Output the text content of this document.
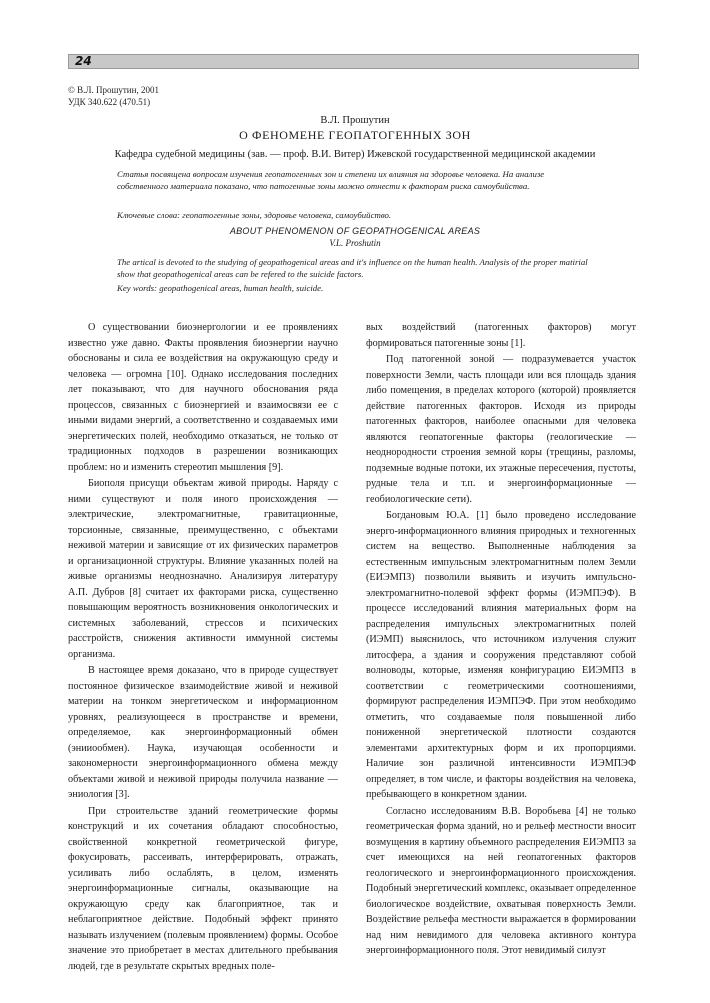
24
© В.Л. Прошутин, 2001
УДК 340.622 (470.51)
В.Л. Прошутин
О ФЕНОМЕНЕ ГЕОПАТОГЕННЫХ ЗОН
Кафедра судебной медицины (зав. — проф. В.И. Витер) Ижевской государственной медицинской академии
Статья посвящена вопросам изучения геопатогенных зон и степени их влияния на здоровье человека. На анализе собственного материала показано, что патогенные зоны можно отнести к факторам риска самоубийства.
Ключевые слова: геопатогенные зоны, здоровье человека, самоубийство.
ABOUT PHENOMENON OF GEOPATHOGENICAL AREAS
V.L. Proshutin
The artical is devoted to the studying of geopathogenical areas and it's influence on the human health. Analysis of the proper matirial show that geopathogenical areas can be refered to the suicide factors.
Key words: geopathogenical areas, human health, suicide.

О существовании биоэнергологии и ее проявлениях известно уже давно. Факты проявления биоэнергии научно обоснованы и сила ее воздействия на окружающую среду и человека — огромна [10]. Однако исследования последних лет показывают, что для научного обоснования ряда процессов, связанных с биоэнергией и взаимосвязи ее с иными видами энергий, а соответственно и создаваемых ими энергетических полей, необходимо отказаться, не только от традиционных подходов в разрешении возникающих проблем: но и изменить стереотип мышления [9].

Биополя присущи объектам живой природы. Наряду с ними существуют и поля иного происхождения — электрические, электромагнитные, гравитационные, торсионные, связанные, преимущественно, с объектами неживой материи и зависящие от их физических параметров и организационной структуры. Влияние указанных полей на живые организмы неоднозначно. Анализируя литературу А.П. Дубров [8] считает их факторами риска, существенно повышающим вероятность возникновения онкологических и системных заболеваний, стрессов и психических расстройств, снижения активности иммунной системы организма.

В настоящее время доказано, что в природе существует постоянное физическое взаимодействие живой и неживой материи на тонком энергетическом и информационном уровнях, реализующееся в пространстве и времени, определяемое, как энергоинформационный обмен (энииообмен). Наука, изучающая особенности и закономерности энергоинформационного обмена между объектами живой и неживой природы получила название — эниология [3].

При строительстве зданий геометрические формы конструкций и их сочетания обладают способностью, свойственной конкретной геометрической фигуре, фокусировать, рассеивать, интерферировать, отражать, усиливать либо ослаблять, в целом, изменять энергоинформационные сигналы, оказывающие на окружающую среду как благоприятное, так и неблагоприятное действие. Подобный эффект принято называть излучением (полевым проявлением) формы. Особое значение это приобретает в местах длительного пребывания людей, где в результате скрытых вредных поле-

вых воздействий (патогенных факторов) могут формироваться патогенные зоны [1].

Под патогенной зоной — подразумевается участок поверхности Земли, часть площади или вся площадь здания либо помещения, в пределах которого (которой) проявляется действие патогенных факторов. Исходя из природы патогенных факторов, наиболее опасными для человека являются геопатогенные факторы (геологические — неоднородности строения земной коры (трещины, разломы, подземные водные потоки, их этажные пересечения, пустоты, рудные тела и т.п. и энергоинформационные — геобиологические сети).

Богдановым Ю.А. [1] было проведено исследование энерго-информационного влияния природных и техногенных систем на вещество. Выполненные наблюдения за естественным импульсным электромагнитным полем Земли (ЕИЭМПЗ) позволили выявить и изучить импульсно-электромагнитно-полевой эффект формы (ИЭМПЭФ). В процессе исследований влияния материальных форм на распределения импульсных электромагнитных полей (ИЭМП) выяснилось, что источником излучения служит литосфера, а здания и сооружения представляют собой волноводы, которые, изменяя конфигурацию ЕИЭМПЗ в соответствии с геометрическими соотношениями, формируют распределения ИЭМПЭФ. При этом необходимо отметить, что создаваемые поля повышенной либо пониженной энергетической плотности создаются элементами архитектурных форм и их пропорциями. Наличие зон различной интенсивности ИЭМПЭФ определяет, в том числе, и факторы воздействия на человека, пребывающего в конкретном здании.

Согласно исследованиям В.В. Воробьева [4] не только геометрическая форма зданий, но и рельеф местности вносит возмущения в картину объемного распределения ЕИЭМПЗ за счет имеющихся на ней геопатогенных факторов геологического и энергоинформационного происхождения. Подобный энергетический комплекс, оказывает определенное биологическое воздействие, охватывая поверхность Земли. Воздействие рельефа местности выражается в формировании над ним невидимого для человека активного контура энергоинформационного поля. Этот невидимый силуэт
